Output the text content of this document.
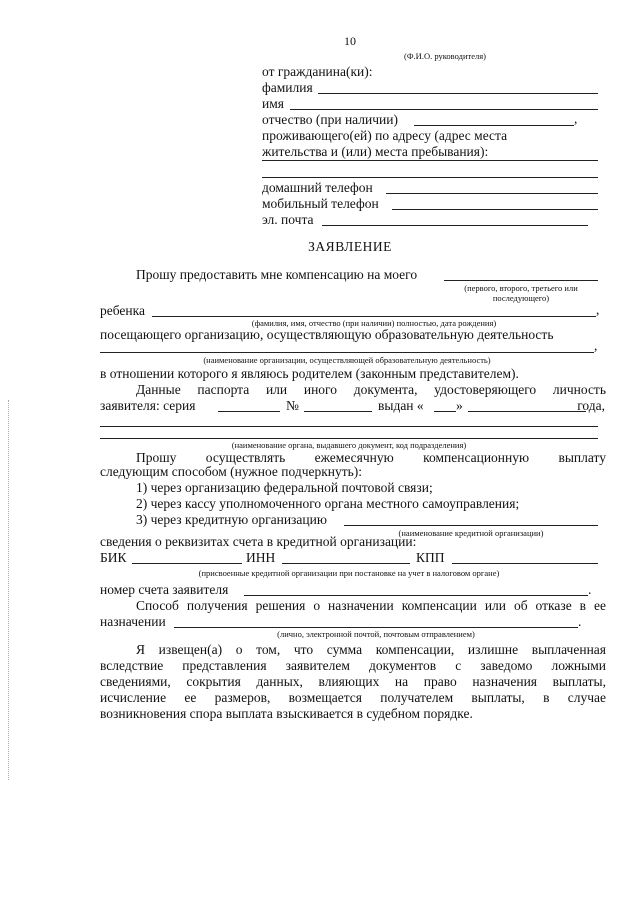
10
(Ф.И.О. руководителя)
от гражданина(ки):
фамилия
имя
отчество (при наличии)	,
проживающего(ей) по адресу (адрес места
жительства и (или) места пребывания):
домашний телефон
мобильный телефон
эл. почта
ЗАЯВЛЕНИЕ
Прошу предоставить мне компенсацию на моего
(первого, второго, третьего или
последующего)
ребенка	,
(фамилия, имя, отчество (при наличии) полностью, дата рождения)
посещающего организацию, осуществляющую образовательную деятельность
,
(наименование организации, осуществляющей образовательную деятельность)
в отношении которого я являюсь родителем (законным представителем).
Данные паспорта или иного документа, удостоверяющего личность
заявителя: серия	№	выдан « »	года,
(наименование органа, выдавшего документ, код подразделения)
Прошу осуществлять ежемесячную компенсационную выплату
следующим способом (нужное подчеркнуть):
1) через организацию федеральной почтовой связи;
2) через кассу уполномоченного органа местного самоуправления;
3) через кредитную организацию
(наименование кредитной организации)
сведения о реквизитах счета в кредитной организации:
БИК	ИНН	КПП
(присвоенные кредитной организации при постановке на учет в налоговом органе)
номер счета заявителя	.
Способ получения решения о назначении компенсации или об отказе в ее
назначении	.
(лично, электронной почтой, почтовым отправлением)
Я извещен(а) о том, что сумма компенсации, излишне выплаченная
вследствие представления заявителем документов с заведомо ложными
сведениями, сокрытия данных, влияющих на право назначения выплаты,
исчисление ее размеров, возмещается получателем выплаты, в случае
возникновения спора выплата взыскивается в судебном порядке.
